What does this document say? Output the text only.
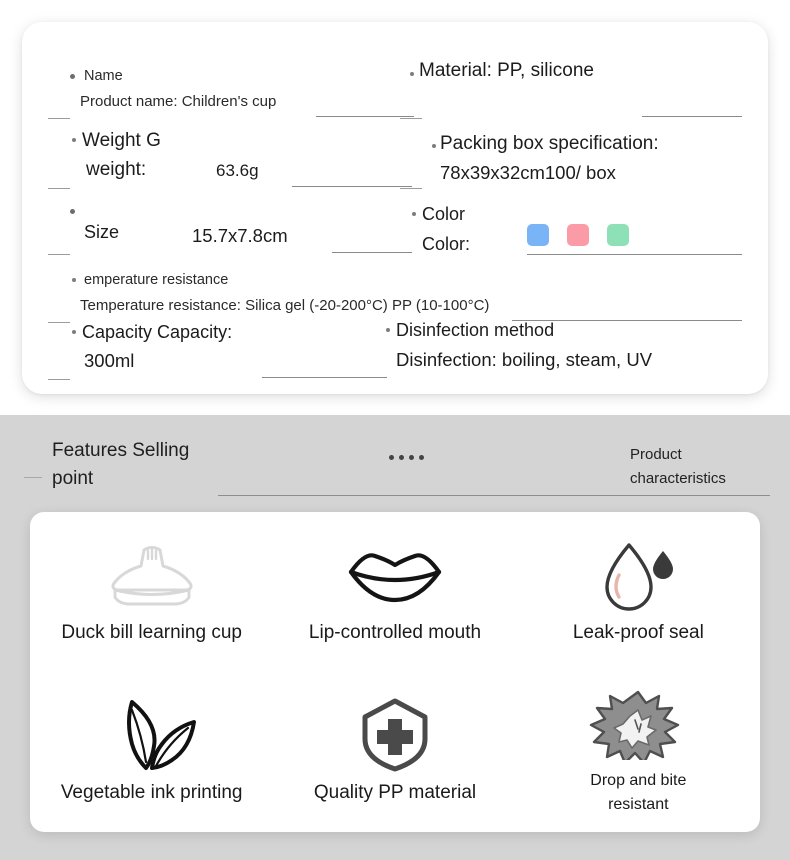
Name
Product name: Children's cup
Material: PP, silicone
Weight G
weight:	63.6g
Packing box specification:
78x39x32cm100/ box
Size	15.7x7.8cm
Color
Color:
emperature resistance
Temperature resistance: Silica gel (-20-200°C) PP (10-100°C)
Capacity Capacity:
300ml
Disinfection method
Disinfection: boiling, steam, UV
Features Selling point
Product characteristics
Duck bill learning cup	Lip-controlled mouth	Leak-proof seal
Vegetable ink printing	Quality PP material
Drop and bite resistant
